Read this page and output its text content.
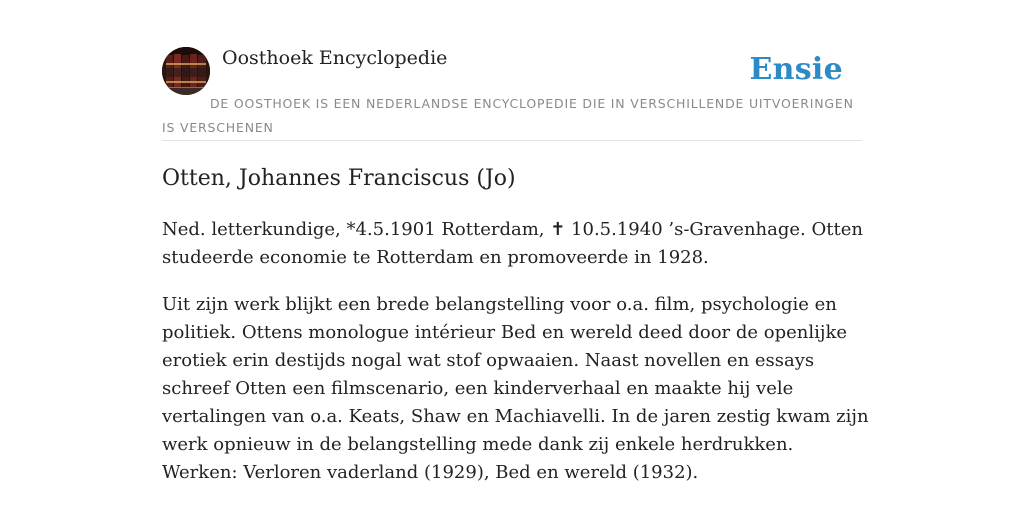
Oosthoek Encyclopedie	Ensie
DE OOSTHOEK IS EEN NEDERLANDSE ENCYCLOPEDIE DIE IN VERSCHILLENDE UITVOERINGEN IS VERSCHENEN
Otten, Johannes Franciscus (Jo)

Ned. letterkundige, *4.5.1901 Rotterdam, ✝ 10.5.1940 ’s-Gravenhage. Otten studeerde economie te Rotterdam en promoveerde in 1928.

Uit zijn werk blijkt een brede belangstelling voor o.a. film, psychologie en politiek. Ottens monologue intérieur Bed en wereld deed door de openlijke erotiek erin destijds nogal wat stof opwaaien. Naast novellen en essays schreef Otten een filmscenario, een kinderverhaal en maakte hij vele vertalingen van o.a. Keats, Shaw en Machiavelli. In de jaren zestig kwam zijn werk opnieuw in de belangstelling mede dank zij enkele herdrukken. Werken: Verloren vaderland (1929), Bed en wereld (1932).
